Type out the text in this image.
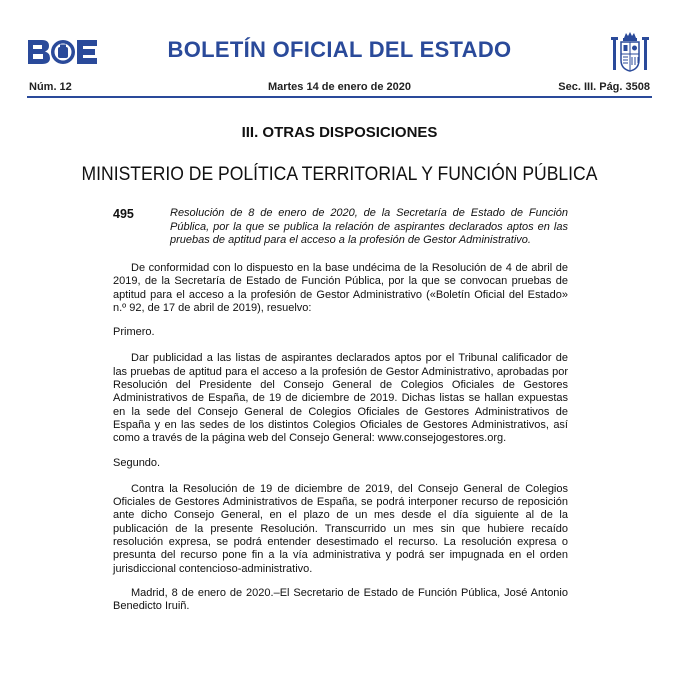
BOLETÍN OFICIAL DEL ESTADO
Núm. 12	Martes 14 de enero de 2020	Sec. III. Pág. 3508
III. OTRAS DISPOSICIONES
MINISTERIO DE POLÍTICA TERRITORIAL Y FUNCIÓN PÚBLICA
495	Resolución de 8 de enero de 2020, de la Secretaría de Estado de Función Pública, por la que se publica la relación de aspirantes declarados aptos en las pruebas de aptitud para el acceso a la profesión de Gestor Administrativo.

De conformidad con lo dispuesto en la base undécima de la Resolución de 4 de abril de 2019, de la Secretaría de Estado de Función Pública, por la que se convocan pruebas de aptitud para el acceso a la profesión de Gestor Administrativo («Boletín Oficial del Estado» n.º 92, de 17 de abril de 2019), resuelvo:

Primero.

Dar publicidad a las listas de aspirantes declarados aptos por el Tribunal calificador de las pruebas de aptitud para el acceso a la profesión de Gestor Administrativo, aprobadas por Resolución del Presidente del Consejo General de Colegios Oficiales de Gestores Administrativos de España, de 19 de diciembre de 2019. Dichas listas se hallan expuestas en la sede del Consejo General de Colegios Oficiales de Gestores Administrativos de España y en las sedes de los distintos Colegios Oficiales de Gestores Administrativos, así como a través de la página web del Consejo General: www.consejogestores.org.

Segundo.

Contra la Resolución de 19 de diciembre de 2019, del Consejo General de Colegios Oficiales de Gestores Administrativos de España, se podrá interponer recurso de reposición ante dicho Consejo General, en el plazo de un mes desde el día siguiente al de la publicación de la presente Resolución. Transcurrido un mes sin que hubiere recaído resolución expresa, se podrá entender desestimado el recurso. La resolución expresa o presunta del recurso pone fin a la vía administrativa y podrá ser impugnada en el orden jurisdiccional contencioso-administrativo.

Madrid, 8 de enero de 2020.–El Secretario de Estado de Función Pública, José Antonio Benedicto Iruiñ.
